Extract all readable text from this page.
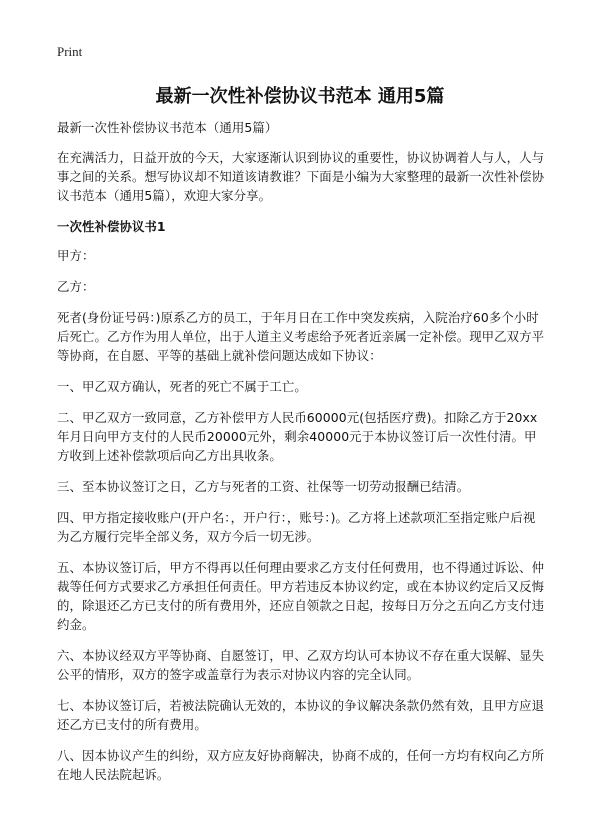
Print
最新一次性补偿协议书范本 通用5篇

最新一次性补偿协议书范本（通用5篇）

在充满活力，日益开放的今天，大家逐渐认识到协议的重要性，协议协调着人与人，人与事之间的关系。想写协议却不知道该请教谁？下面是小编为大家整理的最新一次性补偿协议书范本（通用5篇），欢迎大家分享。

一次性补偿协议书1

甲方：

乙方：

死者(身份证号码：)原系乙方的员工，于年月日在工作中突发疾病，入院治疗60多个小时后死亡。乙方作为用人单位，出于人道主义考虑给予死者近亲属一定补偿。现甲乙双方平等协商，在自愿、平等的基础上就补偿问题达成如下协议：

一、甲乙双方确认，死者的死亡不属于工亡。

二、甲乙双方一致同意，乙方补偿甲方人民币60000元(包括医疗费)。扣除乙方于20xx年月日向甲方支付的人民币20000元外，剩余40000元于本协议签订后一次性付清。甲方收到上述补偿款项后向乙方出具收条。

三、至本协议签订之日，乙方与死者的工资、社保等一切劳动报酬已结清。

四、甲方指定接收账户(开户名：，开户行：，账号：)。乙方将上述款项汇至指定账户后视为乙方履行完毕全部义务，双方今后一切无涉。

五、本协议签订后，甲方不得再以任何理由要求乙方支付任何费用，也不得通过诉讼、仲裁等任何方式要求乙方承担任何责任。甲方若违反本协议约定，或在本协议约定后又反悔的，除退还乙方已支付的所有费用外，还应自领款之日起，按每日万分之五向乙方支付违约金。

六、本协议经双方平等协商、自愿签订，甲、乙双方均认可本协议不存在重大误解、显失公平的情形，双方的签字或盖章行为表示对协议内容的完全认同。

七、本协议签订后，若被法院确认无效的，本协议的争议解决条款仍然有效，且甲方应退还乙方已支付的所有费用。

八、因本协议产生的纠纷，双方应友好协商解决，协商不成的，任何一方均有权向乙方所在地人民法院起诉。
